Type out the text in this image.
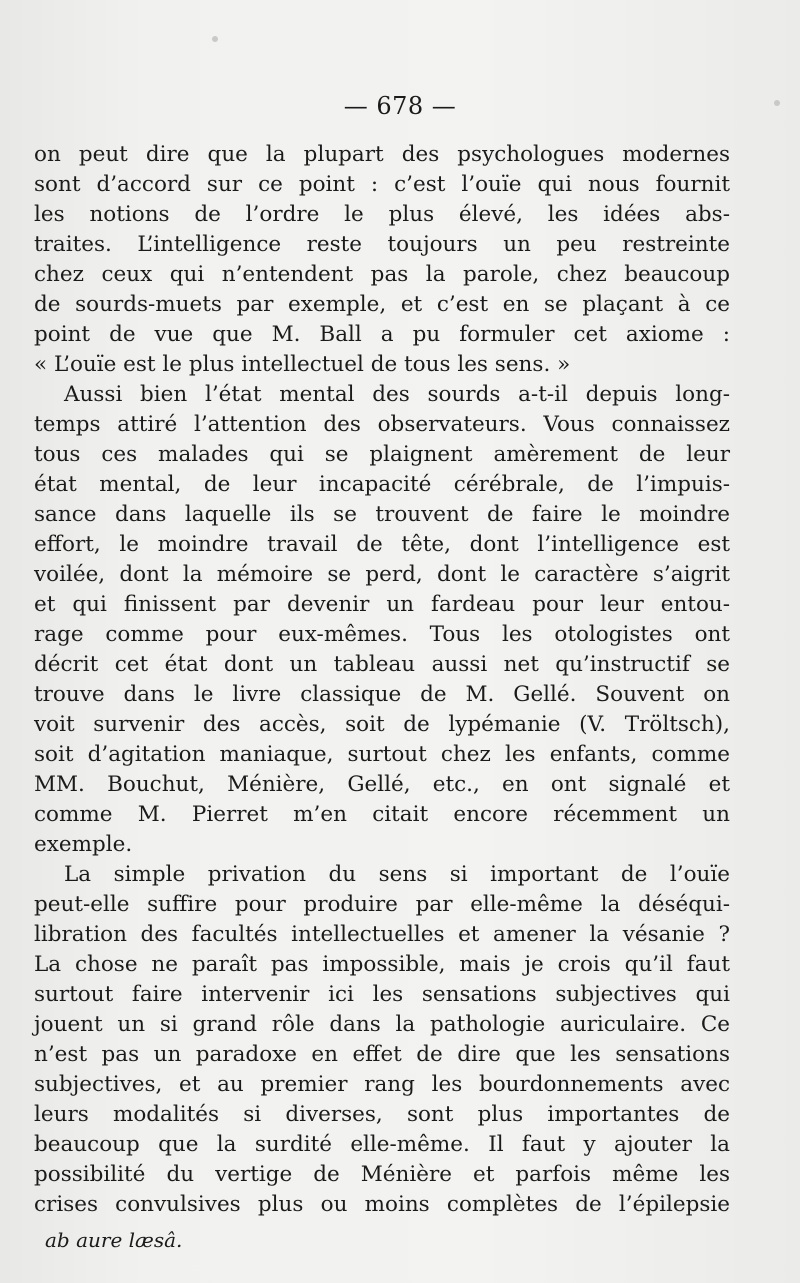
— 678 —
on peut dire que la plupart des psychologues modernes
sont d’accord sur ce point : c’est l’ouïe qui nous fournit
les notions de l’ordre le plus élevé, les idées abs-
traites. L’intelligence reste toujours un peu restreinte
chez ceux qui n’entendent pas la parole, chez beaucoup
de sourds-muets par exemple, et c’est en se plaçant à ce
point de vue que M. Ball a pu formuler cet axiome :
« L’ouïe est le plus intellectuel de tous les sens. »
Aussi bien l’état mental des sourds a-t-il depuis long-
temps attiré l’attention des observateurs. Vous connaissez
tous ces malades qui se plaignent amèrement de leur
état mental, de leur incapacité cérébrale, de l’impuis-
sance dans laquelle ils se trouvent de faire le moindre
effort, le moindre travail de tête, dont l’intelligence est
voilée, dont la mémoire se perd, dont le caractère s’aigrit
et qui finissent par devenir un fardeau pour leur entou-
rage comme pour eux-mêmes. Tous les otologistes ont
décrit cet état dont un tableau aussi net qu’instructif se
trouve dans le livre classique de M. Gellé. Souvent on
voit survenir des accès, soit de lypémanie (V. Tröltsch),
soit d’agitation maniaque, surtout chez les enfants, comme
MM. Bouchut, Ménière, Gellé, etc., en ont signalé et
comme M. Pierret m’en citait encore récemment un
exemple.
La simple privation du sens si important de l’ouïe
peut-elle suffire pour produire par elle-même la déséqui-
libration des facultés intellectuelles et amener la vésanie ?
La chose ne paraît pas impossible, mais je crois qu’il faut
surtout faire intervenir ici les sensations subjectives qui
jouent un si grand rôle dans la pathologie auriculaire. Ce
n’est pas un paradoxe en effet de dire que les sensations
subjectives, et au premier rang les bourdonnements avec
leurs modalités si diverses, sont plus importantes de
beaucoup que la surdité elle-même. Il faut y ajouter la
possibilité du vertige de Ménière et parfois même les
crises convulsives plus ou moins complètes de l’épilepsie
ab aure læsâ.
